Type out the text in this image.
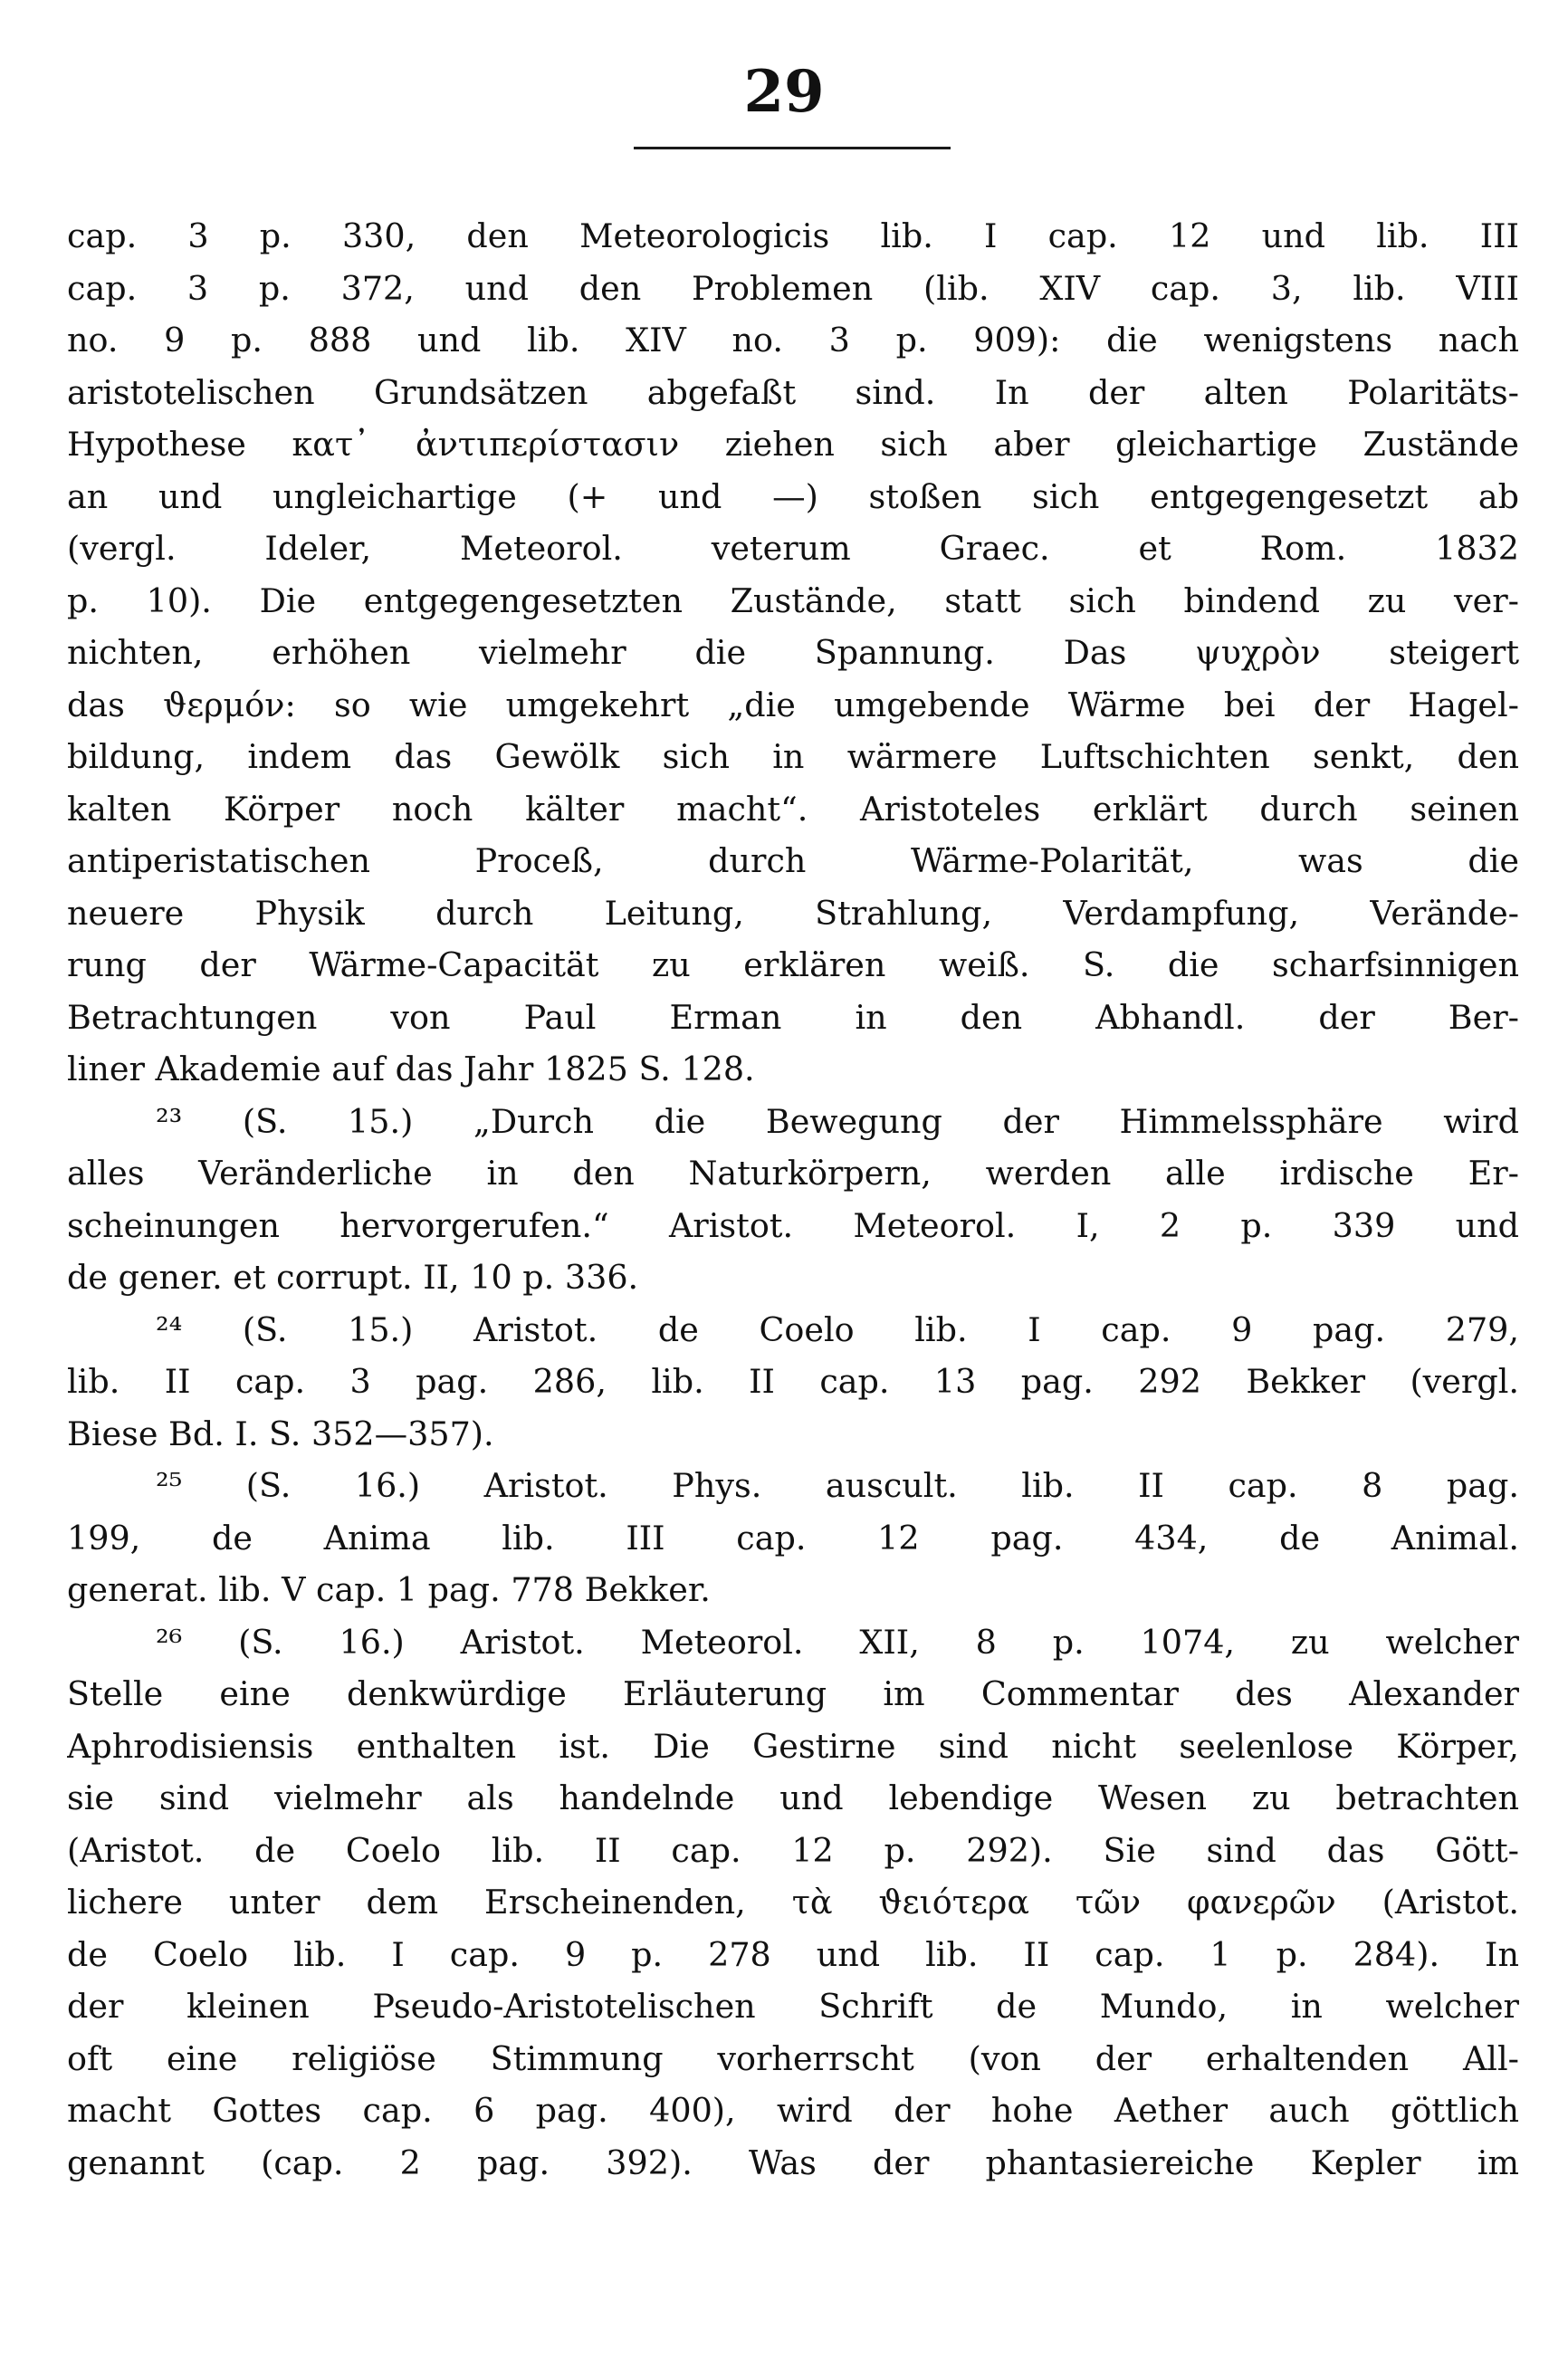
29
cap. 3 p. 330, den Meteorologicis lib. I cap. 12 und lib. III
cap. 3 p. 372, und den Problemen (lib. XIV cap. 3, lib. VIII
no. 9 p. 888 und lib. XIV no. 3 p. 909): die wenigstens nach
aristotelischen Grundsätzen abgefaßt sind. In der alten Polaritäts-
Hypothese κατ᾽ ἀντιπερίστασιν ziehen sich aber gleichartige Zustände
an und ungleichartige (+ und —) stoßen sich entgegengesetzt ab
(vergl. Ideler, Meteorol. veterum Graec. et Rom. 1832
p. 10). Die entgegengesetzten Zustände, statt sich bindend zu ver-
nichten, erhöhen vielmehr die Spannung. Das ψυχρὸν steigert
das ϑερμόν: so wie umgekehrt „die umgebende Wärme bei der Hagel-
bildung, indem das Gewölk sich in wärmere Luftschichten senkt, den
kalten Körper noch kälter macht“. Aristoteles erklärt durch seinen
antiperistatischen Proceß, durch Wärme-Polarität, was die
neuere Physik durch Leitung, Strahlung, Verdampfung, Verände-
rung der Wärme-Capacität zu erklären weiß. S. die scharfsinnigen
Betrachtungen von Paul Erman in den Abhandl. der Ber-
liner Akademie auf das Jahr 1825 S. 128.
²³ (S. 15.) „Durch die Bewegung der Himmelssphäre wird
alles Veränderliche in den Naturkörpern, werden alle irdische Er-
scheinungen hervorgerufen.“ Aristot. Meteorol. I, 2 p. 339 und
de gener. et corrupt. II, 10 p. 336.
²⁴ (S. 15.) Aristot. de Coelo lib. I cap. 9 pag. 279,
lib. II cap. 3 pag. 286, lib. II cap. 13 pag. 292 Bekker (vergl.
Biese Bd. I. S. 352—357).
²⁵ (S. 16.) Aristot. Phys. auscult. lib. II cap. 8 pag.
199, de Anima lib. III cap. 12 pag. 434, de Animal.
generat. lib. V cap. 1 pag. 778 Bekker.
²⁶ (S. 16.) Aristot. Meteorol. XII, 8 p. 1074, zu welcher
Stelle eine denkwürdige Erläuterung im Commentar des Alexander
Aphrodisiensis enthalten ist. Die Gestirne sind nicht seelenlose Körper,
sie sind vielmehr als handelnde und lebendige Wesen zu betrachten
(Aristot. de Coelo lib. II cap. 12 p. 292). Sie sind das Gött-
lichere unter dem Erscheinenden, τὰ ϑειότερα τῶν φανερῶν (Aristot.
de Coelo lib. I cap. 9 p. 278 und lib. II cap. 1 p. 284). In
der kleinen Pseudo-Aristotelischen Schrift de Mundo, in welcher
oft eine religiöse Stimmung vorherrscht (von der erhaltenden All-
macht Gottes cap. 6 pag. 400), wird der hohe Aether auch göttlich
genannt (cap. 2 pag. 392). Was der phantasiereiche Kepler im
